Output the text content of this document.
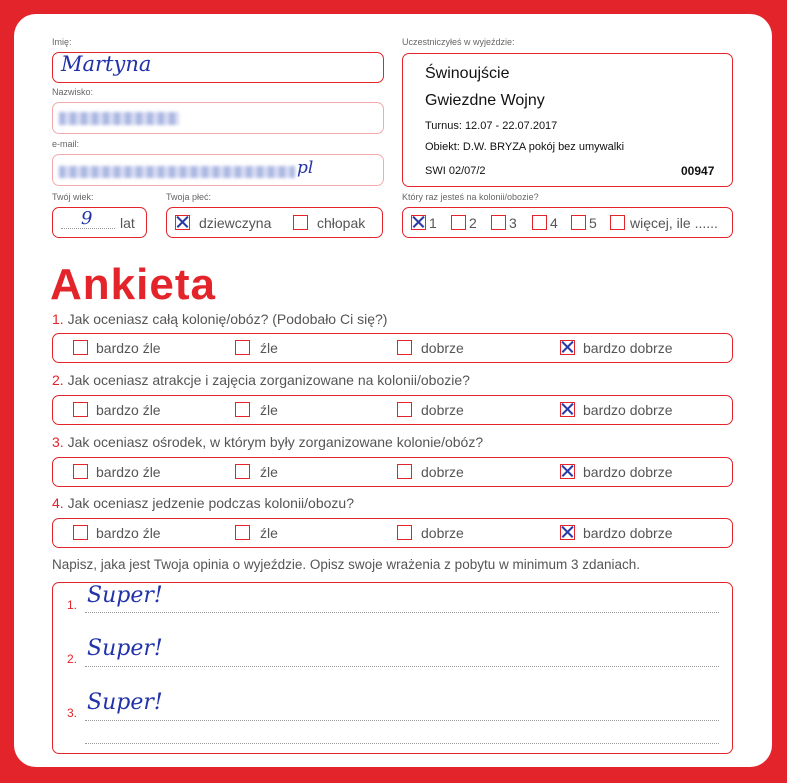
Imię:
Martyna
Nazwisko:
e-mail:
pl
Twój wiek:
9 lat
Twoja płeć:
dziewczyna	chłopak
Uczestniczyłeś w wyjeździe:
Świnoujście
Gwiezdne Wojny
Turnus: 12.07 - 22.07.2017
Obiekt: D.W. BRYZA pokój bez umywalki
SWI 02/07/2	00947
Który raz jesteś na kolonii/obozie?
1 2 3 4 5 więcej, ile ......
Ankieta
1. Jak oceniasz całą kolonię/obóz? (Podobało Ci się?)
bardzo źle	źle	dobrze	bardzo dobrze
2. Jak oceniasz atrakcje i zajęcia zorganizowane na kolonii/obozie?
bardzo źle	źle	dobrze	bardzo dobrze
3. Jak oceniasz ośrodek, w którym były zorganizowane kolonie/obóz?
bardzo źle	źle	dobrze	bardzo dobrze
4. Jak oceniasz jedzenie podczas kolonii/obozu?
bardzo źle	źle	dobrze	bardzo dobrze
Napisz, jaka jest Twoja opinia o wyjeździe. Opisz swoje wrażenia z pobytu w minimum 3 zdaniach.
1. Super!
2. Super!
3. Super!
